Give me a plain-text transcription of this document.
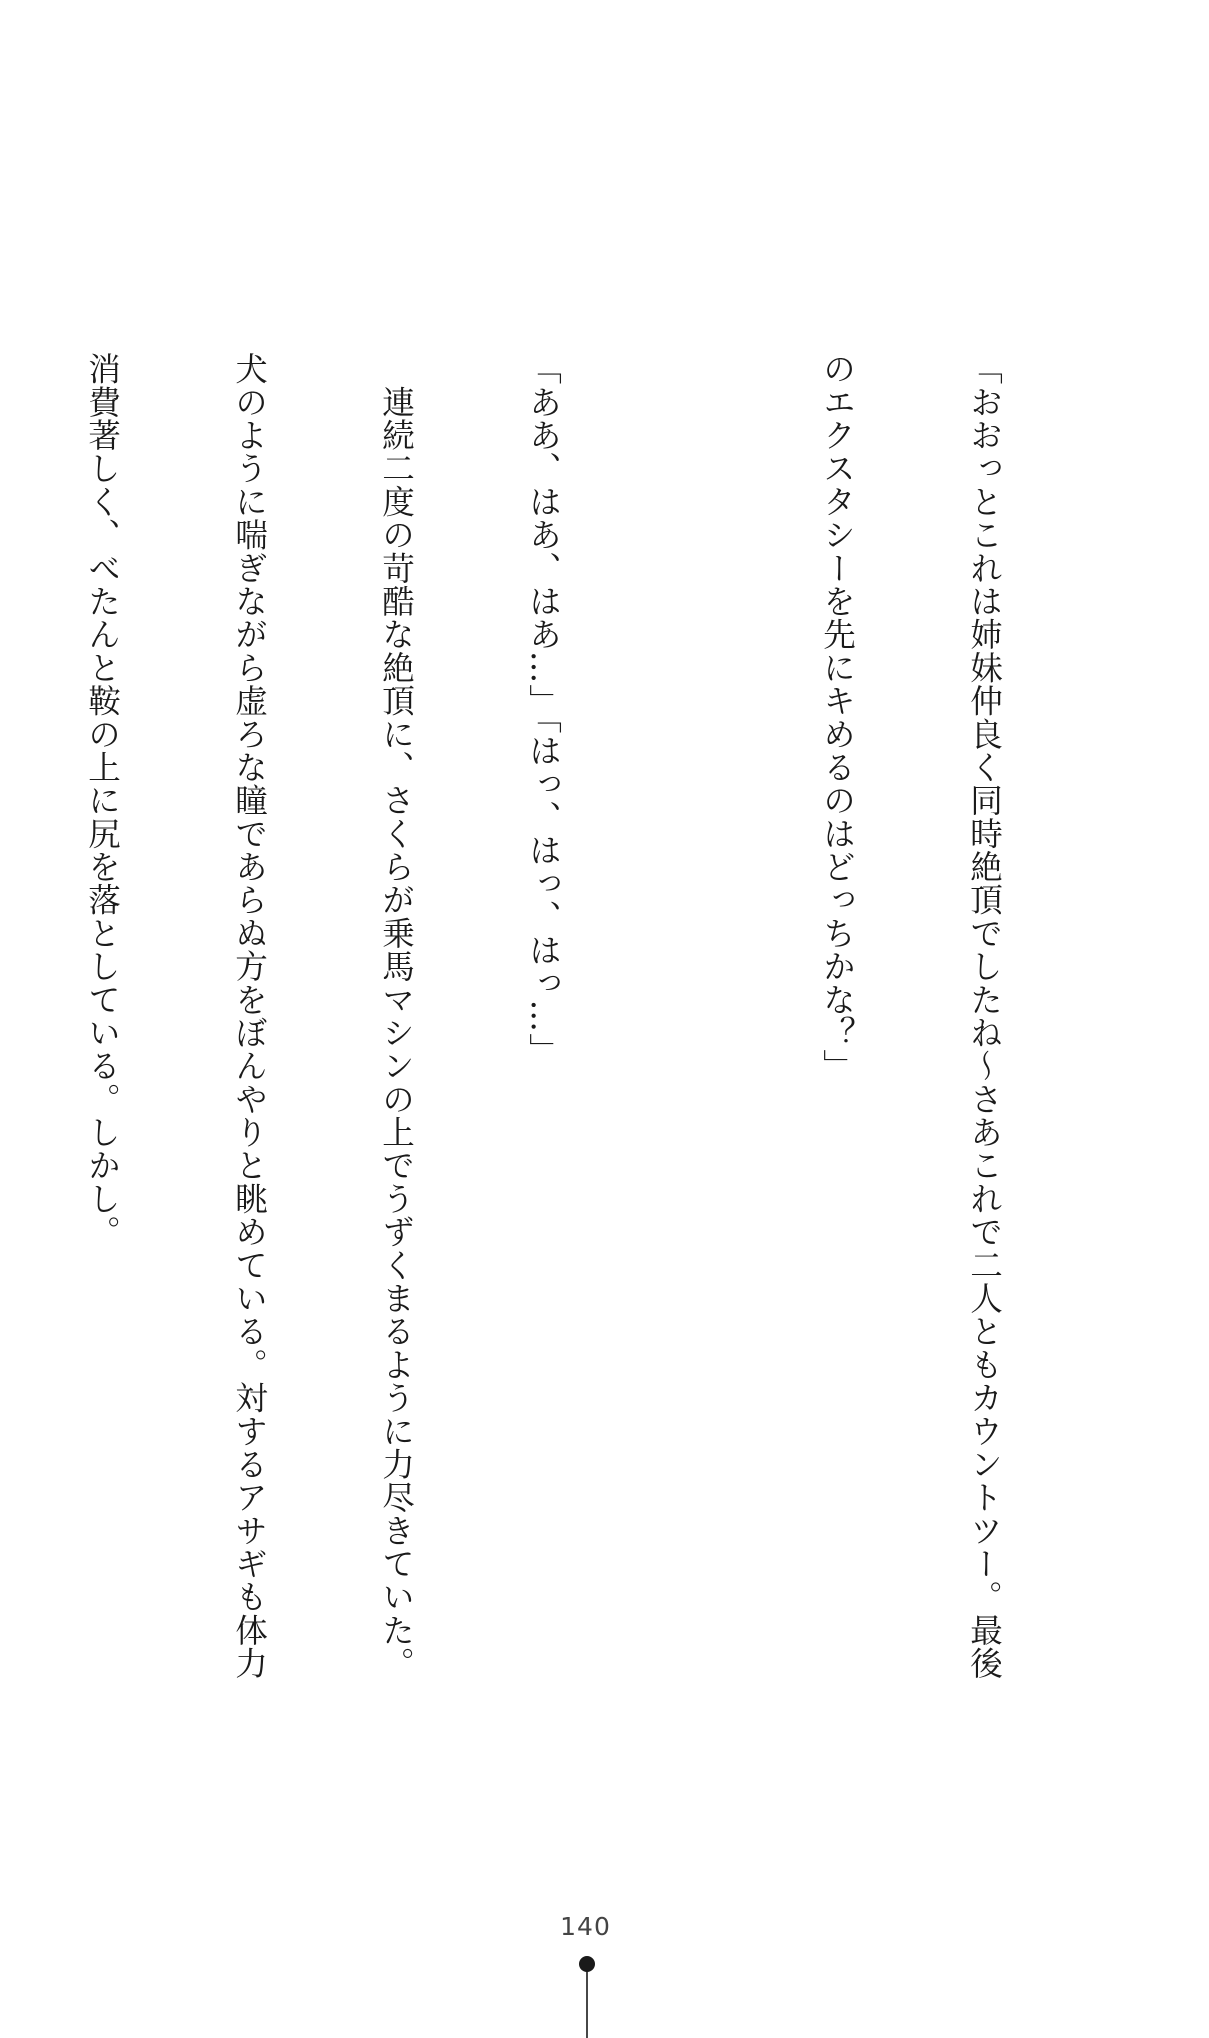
「おおっとこれは姉妹仲良く同時絶頂でしたね〜さあこれで二人ともカウントツー。最後

のエクスタシーを先にキめるのはどっちかな？」

「ああ、はあ、はあ…」「はっ、はっ、はっ…」

　連続二度の苛酷な絶頂に、さくらが乗馬マシンの上でうずくまるように力尽きていた。

犬のように喘ぎながら虚ろな瞳であらぬ方をぼんやりと眺めている。対するアサギも体力

消費著しく、べたんと鞍の上に尻を落としている。しかし。

140
